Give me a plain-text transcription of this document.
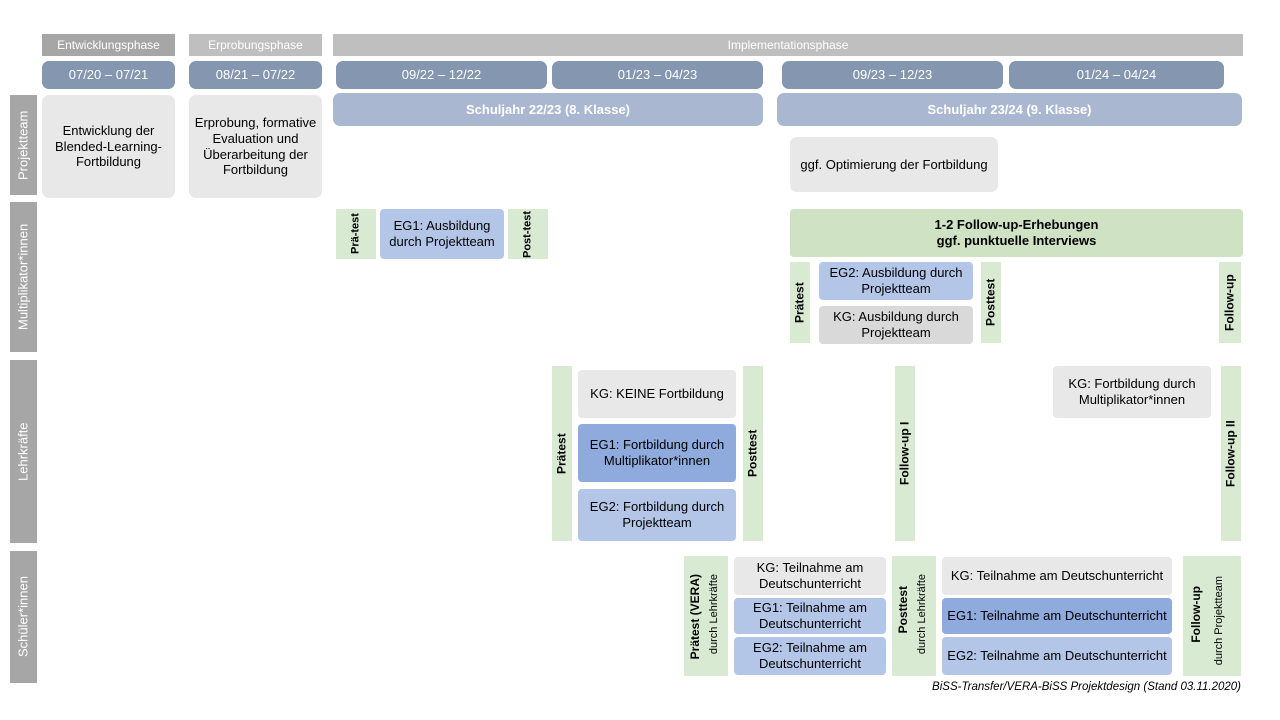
Entwicklungsphase	Erprobungsphase	Implementationsphase
07/20 – 07/21	08/21 – 07/22	09/22 – 12/22	01/23 – 04/23	09/23 – 12/23	01/24 – 04/24
Schuljahr 22/23 (8. Klasse)	Schuljahr 23/24 (9. Klasse)
Projektteam
Multiplikator*innen
Lehrkräfte
Schüler*innen
Entwicklung der Blended-Learning-Fortbildung
Erprobung, formative Evaluation und Überarbeitung der Fortbildung	ggf. Optimierung der Fortbildung
Prä-test	EG1: Ausbildung durch Projektteam	Post-test	1-2 Follow-up-Erhebungen
ggf. punktuelle Interviews
Prätest
EG2: Ausbildung durch Projektteam
KG: Ausbildung durch Projektteam
Posttest	Follow-up
Prätest
KG: KEINE Fortbildung
EG1: Fortbildung durch Multiplikator*innen
EG2: Fortbildung durch Projektteam
Posttest	Follow-up I
KG: Fortbildung durch Multiplikator*innen
Follow-up II
Prätest (VERA) durch Lehrkräfte
KG: Teilnahme am Deutschunterricht
EG1: Teilnahme am Deutschunterricht
EG2: Teilnahme am Deutschunterricht
Posttest durch Lehrkräfte	KG: Teilnahme am Deutschunterricht
EG1: Teilnahme am Deutschunterricht
EG2: Teilnahme am Deutschunterricht
Follow-up durch Projektteam
BiSS-Transfer/VERA-BiSS Projektdesign (Stand 03.11.2020)
